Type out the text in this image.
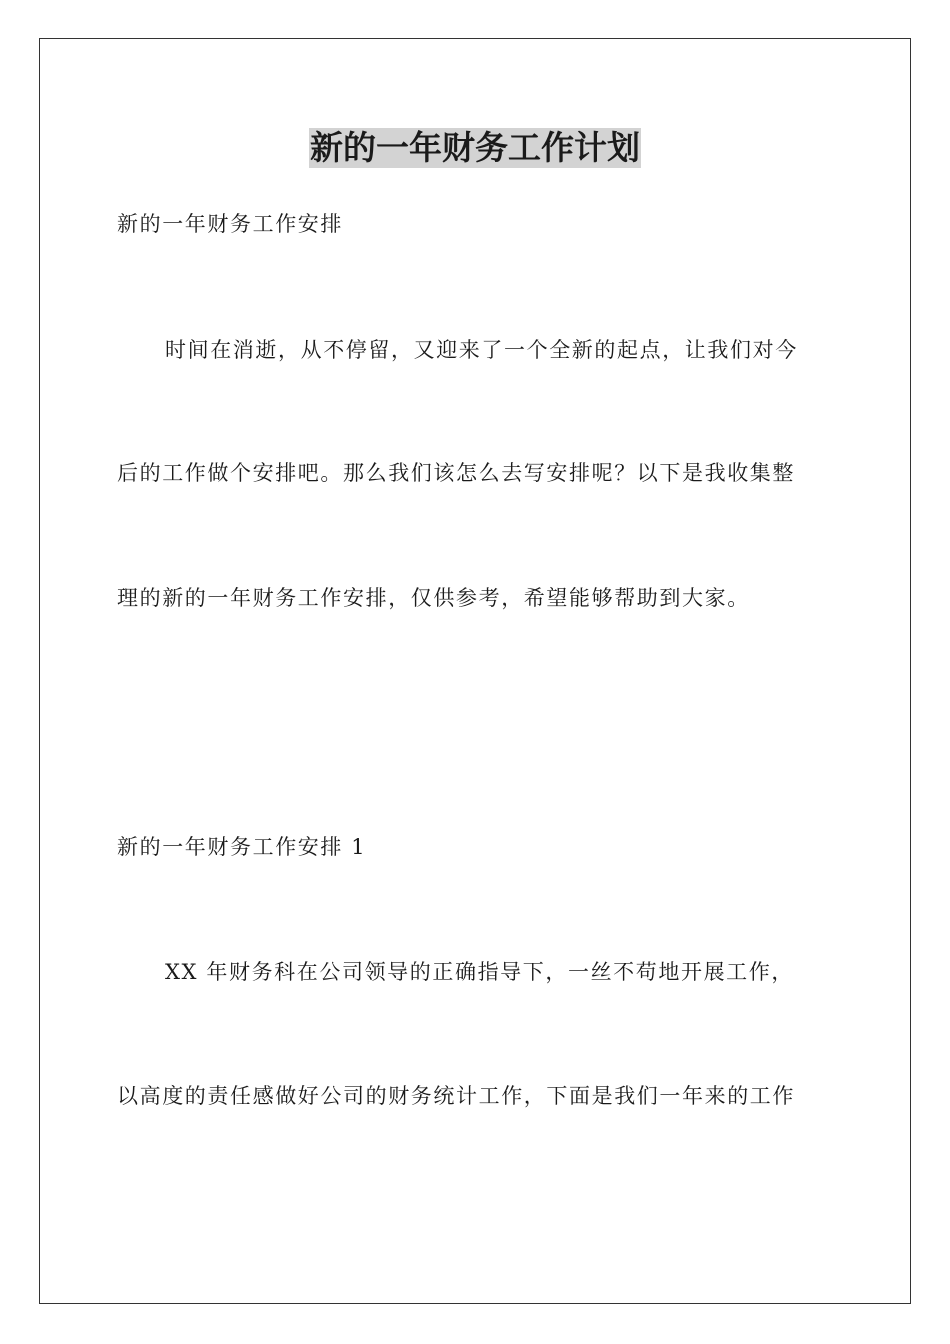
新的一年财务工作计划
新的一年财务工作安排
时间在消逝，从不停留，又迎来了一个全新的起点，让我们对今
后的工作做个安排吧。那么我们该怎么去写安排呢？以下是我收集整
理的新的一年财务工作安排，仅供参考，希望能够帮助到大家。
新的一年财务工作安排 1
XX 年财务科在公司领导的正确指导下，一丝不苟地开展工作，
以高度的责任感做好公司的财务统计工作，下面是我们一年来的工作
